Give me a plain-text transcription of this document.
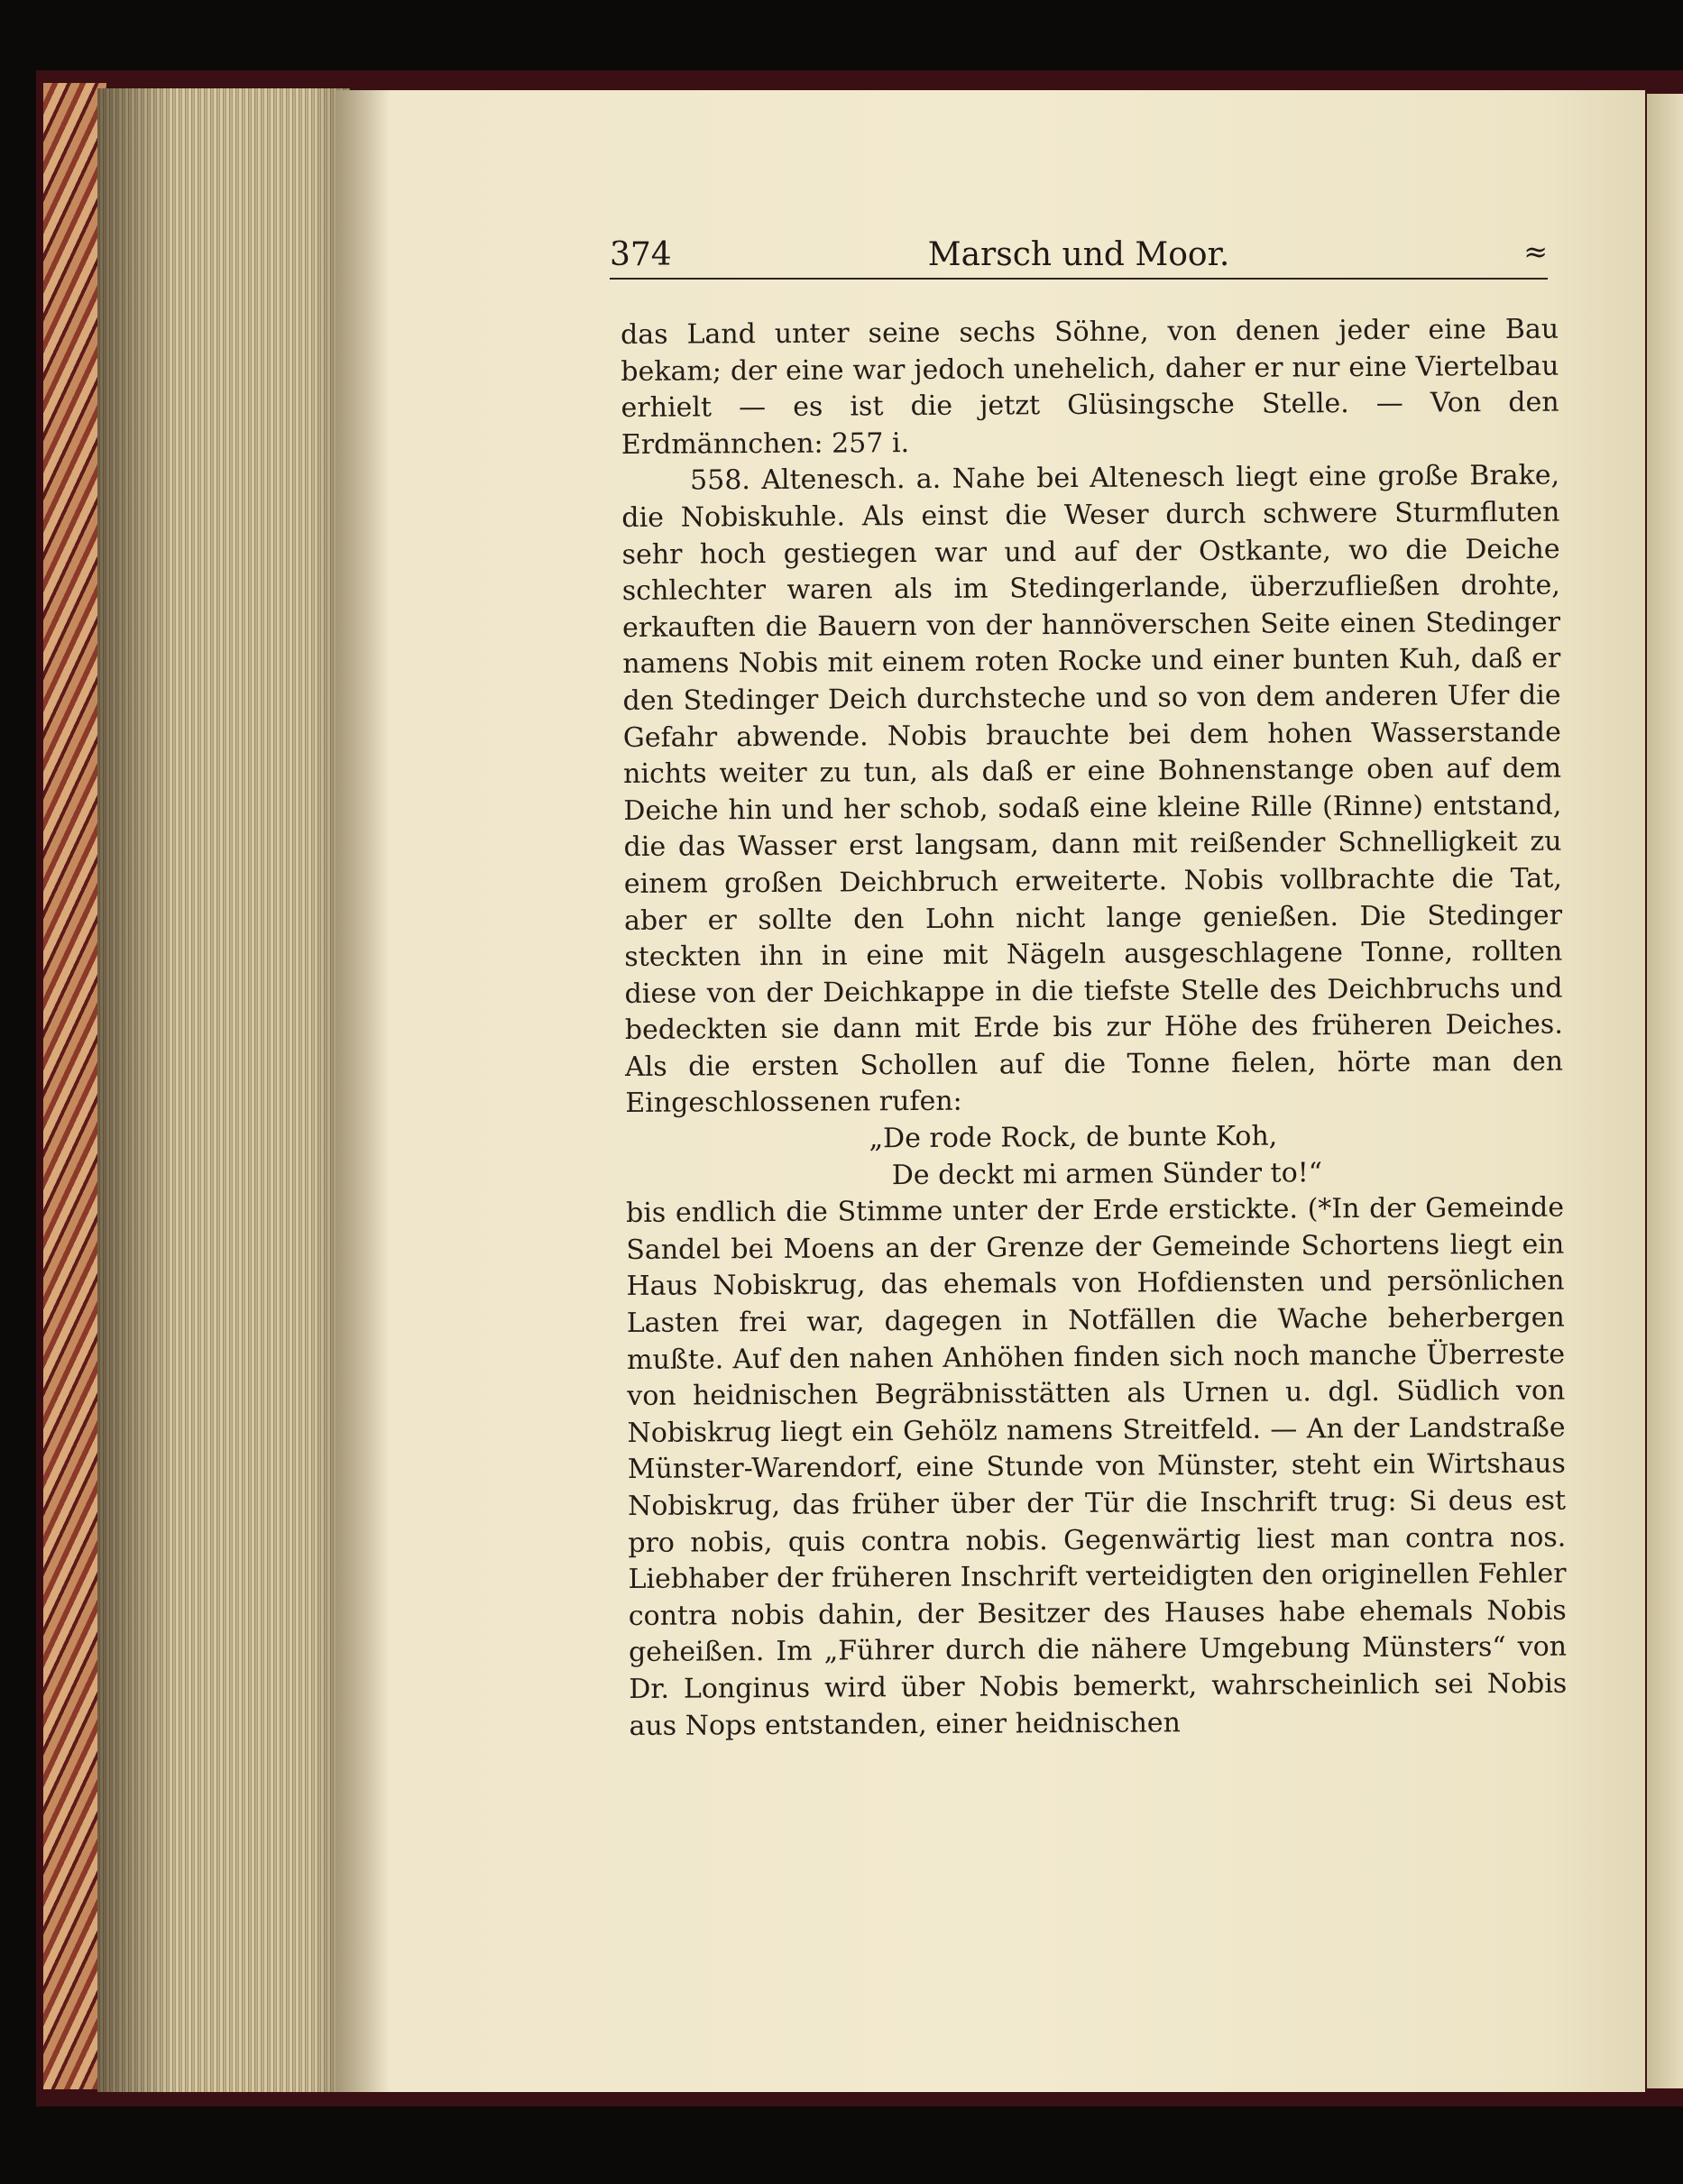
374	Marsch und Moor.	≈

das Land unter seine sechs Söhne, von denen jeder eine Bau bekam; der eine war jedoch unehelich, daher er nur eine Viertelbau erhielt — es ist die jetzt Glüsingsche Stelle. — Von den Erdmännchen: 257 i.

558. Altenesch. a. Nahe bei Altenesch liegt eine große Brake, die Nobiskuhle. Als einst die Weser durch schwere Sturmfluten sehr hoch gestiegen war und auf der Ostkante, wo die Deiche schlechter waren als im Stedingerlande, überzufließen drohte, erkauften die Bauern von der hannöverschen Seite einen Stedinger namens Nobis mit einem roten Rocke und einer bunten Kuh, daß er den Stedinger Deich durchsteche und so von dem anderen Ufer die Gefahr abwende. Nobis brauchte bei dem hohen Wasserstande nichts weiter zu tun, als daß er eine Bohnenstange oben auf dem Deiche hin und her schob, sodaß eine kleine Rille (Rinne) entstand, die das Wasser erst langsam, dann mit reißender Schnelligkeit zu einem großen Deichbruch erweiterte. Nobis vollbrachte die Tat, aber er sollte den Lohn nicht lange genießen. Die Stedinger steckten ihn in eine mit Nägeln ausgeschlagene Tonne, rollten diese von der Deichkappe in die tiefste Stelle des Deichbruchs und bedeckten sie dann mit Erde bis zur Höhe des früheren Deiches. Als die ersten Schollen auf die Tonne fielen, hörte man den Eingeschlossenen rufen:

„De rode Rock, de bunte Koh,

De deckt mi armen Sünder to!“

bis endlich die Stimme unter der Erde erstickte. (*In der Gemeinde Sandel bei Moens an der Grenze der Gemeinde Schortens liegt ein Haus Nobiskrug, das ehemals von Hofdiensten und persönlichen Lasten frei war, dagegen in Notfällen die Wache beherbergen mußte. Auf den nahen Anhöhen finden sich noch manche Überreste von heidnischen Begräbnisstätten als Urnen u. dgl. Südlich von Nobiskrug liegt ein Gehölz namens Streitfeld. — An der Landstraße Münster-Warendorf, eine Stunde von Münster, steht ein Wirtshaus Nobiskrug, das früher über der Tür die Inschrift trug: Si deus est pro nobis, quis contra nobis. Gegenwärtig liest man contra nos. Liebhaber der früheren Inschrift verteidigten den originellen Fehler contra nobis dahin, der Besitzer des Hauses habe ehemals Nobis geheißen. Im „Führer durch die nähere Umgebung Münsters“ von Dr. Longinus wird über Nobis bemerkt, wahrscheinlich sei Nobis aus Nops entstanden, einer heidnischen
